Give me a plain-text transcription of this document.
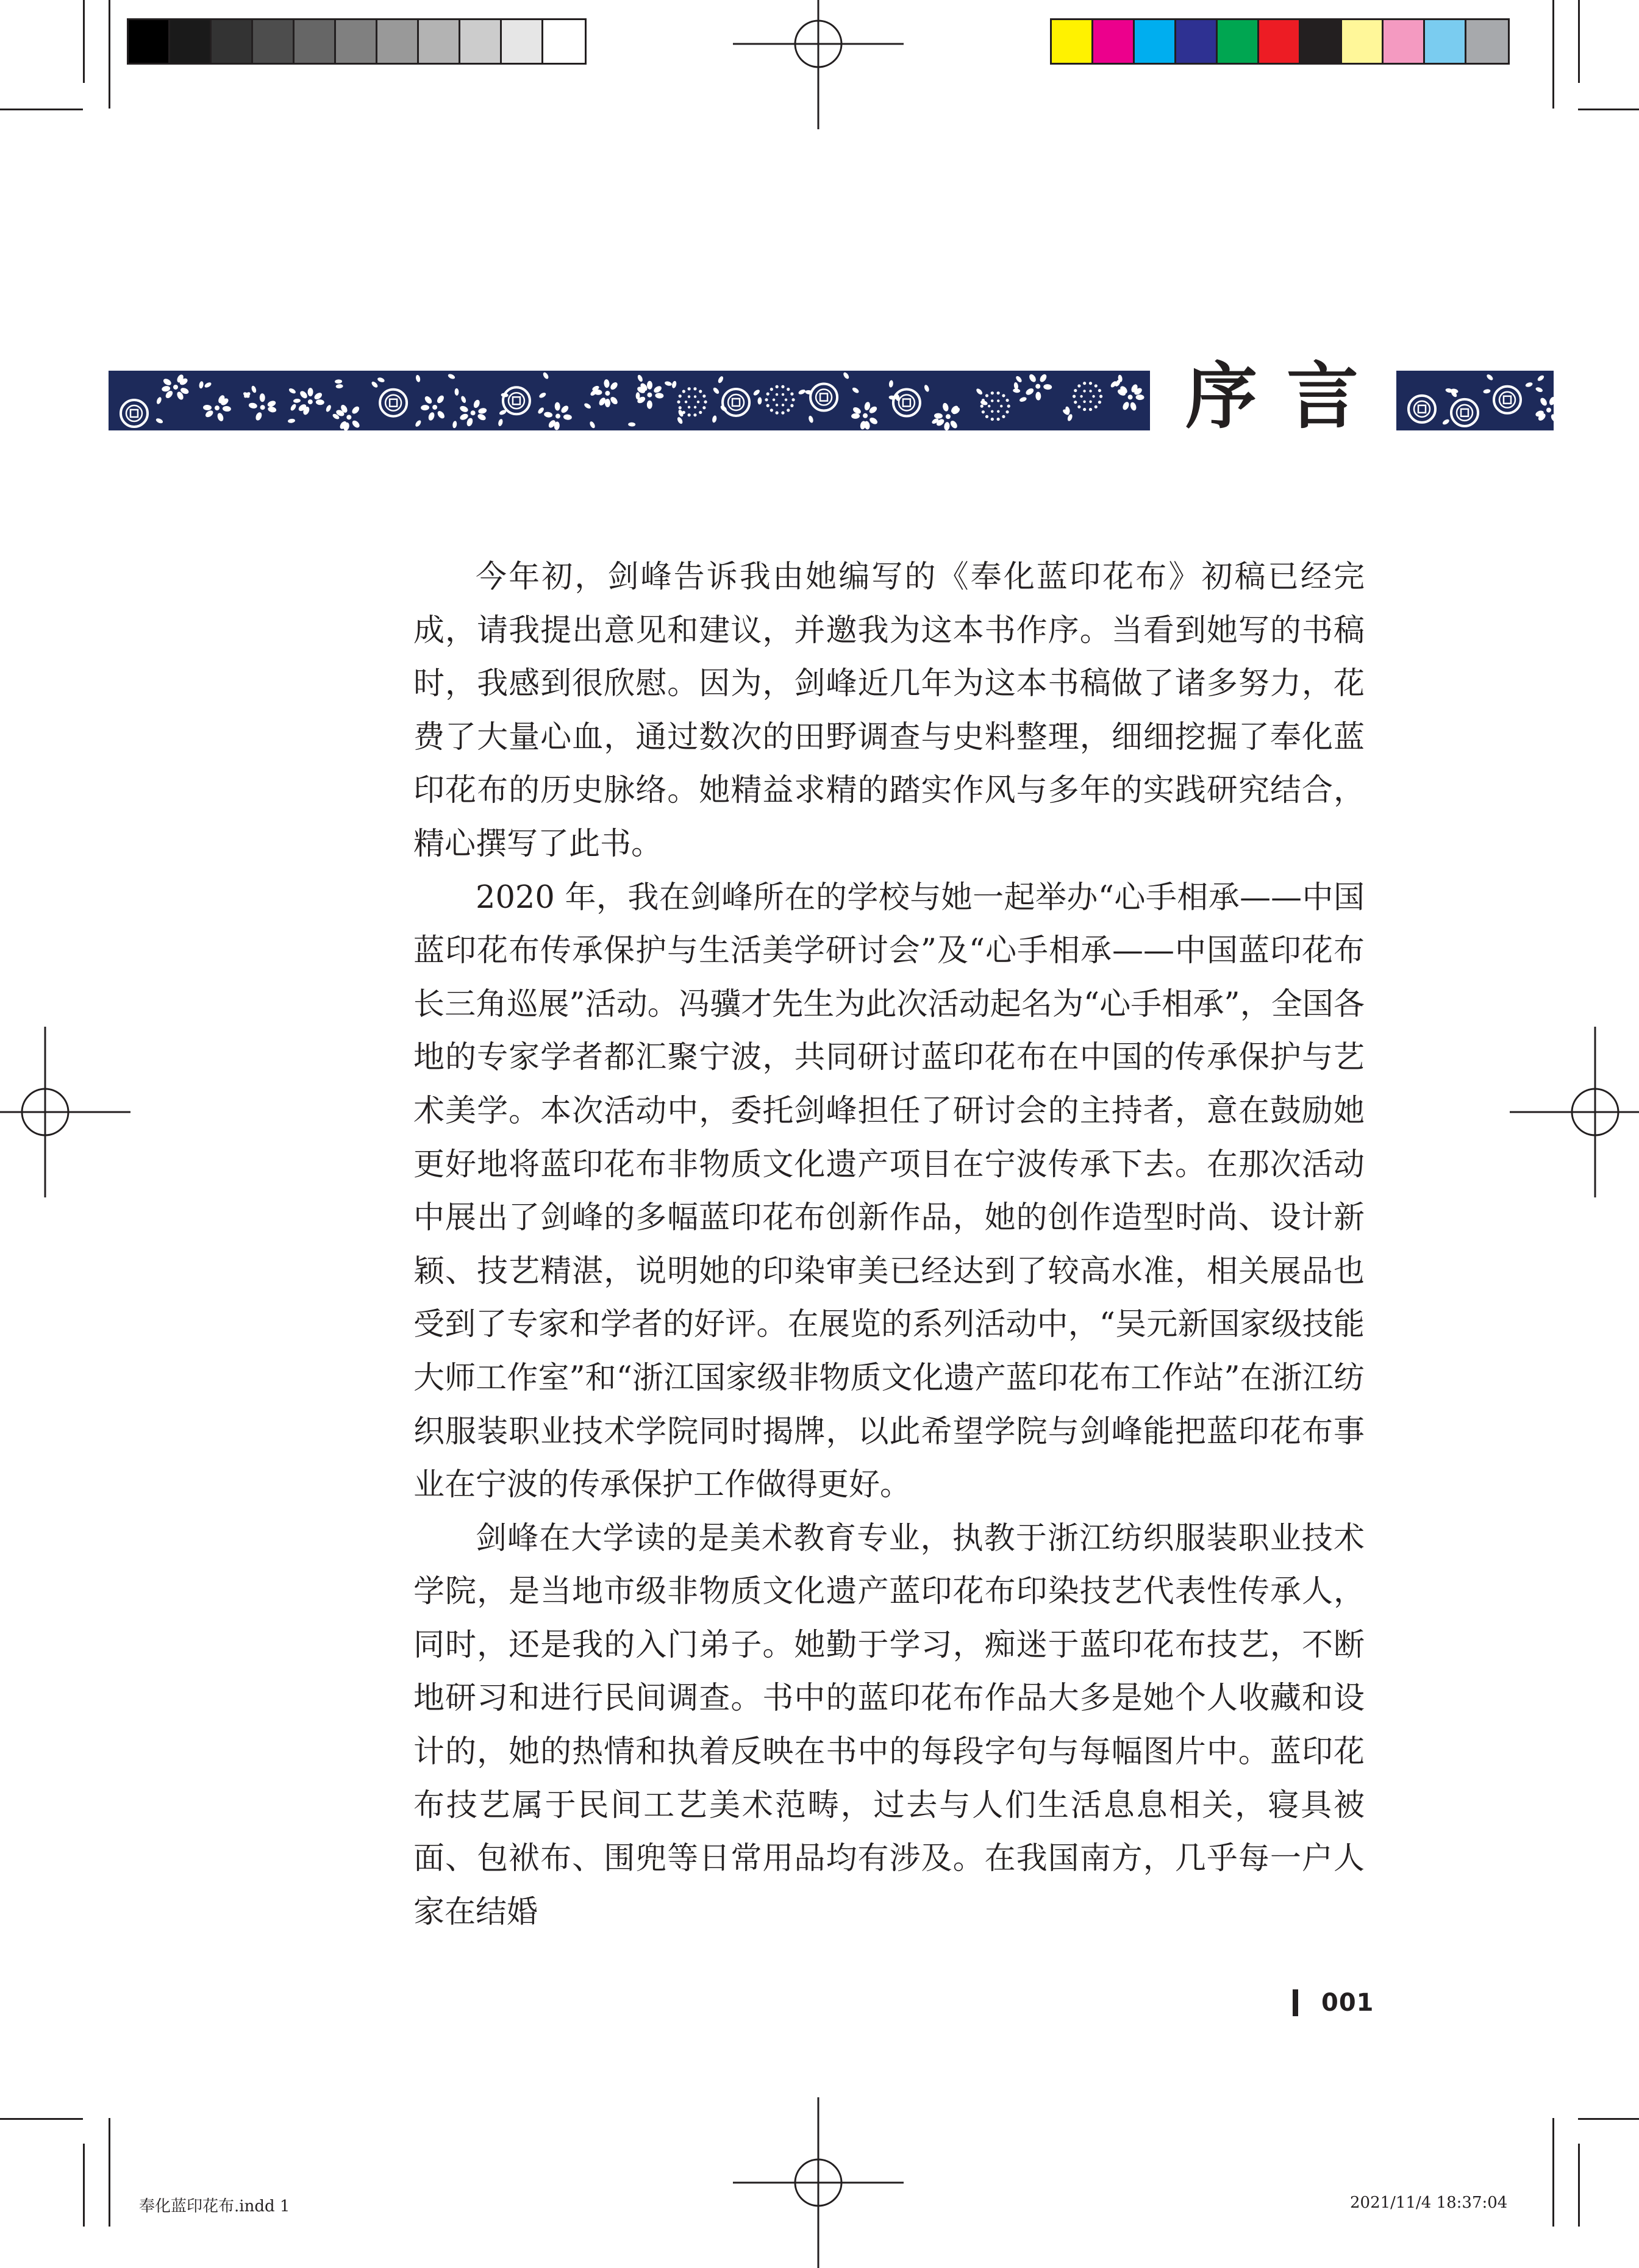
序言

今年初，剑峰告诉我由她编写的《奉化蓝印花布》初稿已经完成，请我提出意见和建议，并邀我为这本书作序。当看到她写的书稿时，我感到很欣慰。因为，剑峰近几年为这本书稿做了诸多努力，花费了大量心血，通过数次的田野调查与史料整理，细细挖掘了奉化蓝印花布的历史脉络。她精益求精的踏实作风与多年的实践研究结合，精心撰写了此书。

2020 年，我在剑峰所在的学校与她一起举办“心手相承——中国蓝印花布传承保护与生活美学研讨会”及“心手相承——中国蓝印花布长三角巡展”活动。冯骥才先生为此次活动起名为“心手相承”，全国各地的专家学者都汇聚宁波，共同研讨蓝印花布在中国的传承保护与艺术美学。本次活动中，委托剑峰担任了研讨会的主持者，意在鼓励她更好地将蓝印花布非物质文化遗产项目在宁波传承下去。在那次活动中展出了剑峰的多幅蓝印花布创新作品，她的创作造型时尚、设计新颖、技艺精湛，说明她的印染审美已经达到了较高水准，相关展品也受到了专家和学者的好评。在展览的系列活动中，“吴元新国家级技能大师工作室”和“浙江国家级非物质文化遗产蓝印花布工作站”在浙江纺织服装职业技术学院同时揭牌，以此希望学院与剑峰能把蓝印花布事业在宁波的传承保护工作做得更好。

剑峰在大学读的是美术教育专业，执教于浙江纺织服装职业技术学院，是当地市级非物质文化遗产蓝印花布印染技艺代表性传承人，同时，还是我的入门弟子。她勤于学习，痴迷于蓝印花布技艺，不断地研习和进行民间调查。书中的蓝印花布作品大多是她个人收藏和设计的，她的热情和执着反映在书中的每段字句与每幅图片中。蓝印花布技艺属于民间工艺美术范畴，过去与人们生活息息相关，寝具被面、包袱布、围兜等日常用品均有涉及。在我国南方，几乎每一户人家在结婚

001
奉化蓝印花布.indd 1	2021/11/4 18:37:04
